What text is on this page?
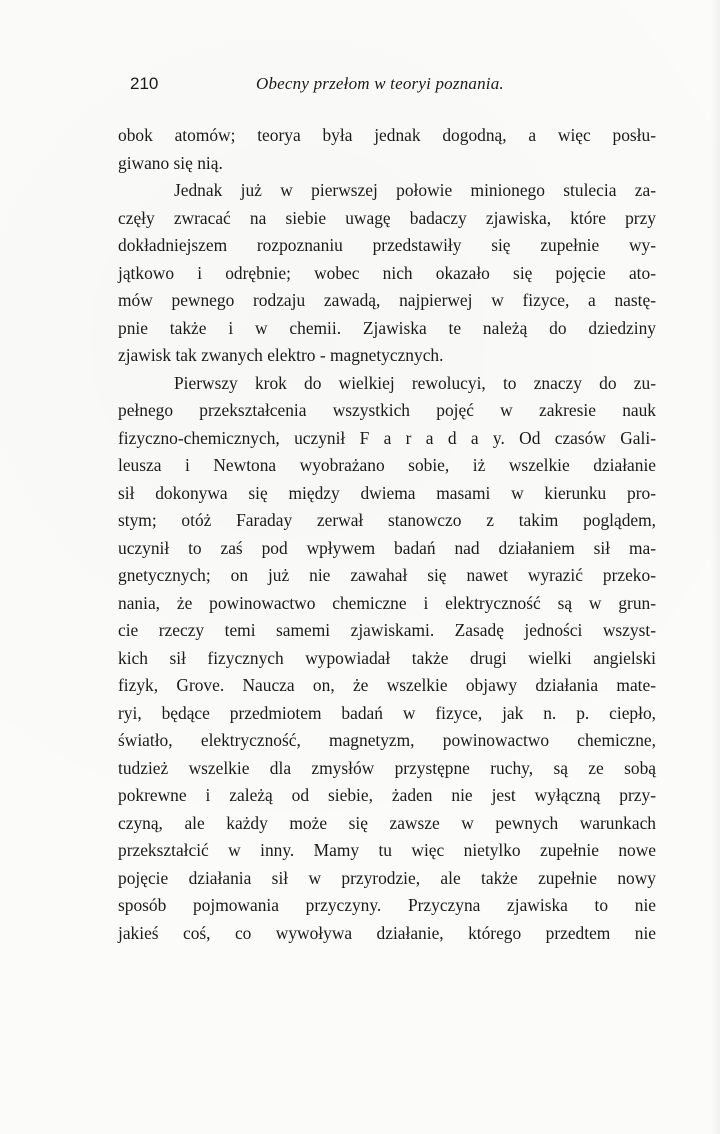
210	Obecny przełom w teoryi poznania.
obok atomów; teorya była jednak dogodną, a więc posłu-
giwano się nią.
Jednak już w pierwszej połowie minionego stulecia za-
częły zwracać na siebie uwagę badaczy zjawiska, które przy
dokładniejszem rozpoznaniu przedstawiły się zupełnie wy-
jątkowo i odrębnie; wobec nich okazało się pojęcie ato-
mów pewnego rodzaju zawadą, najpierwej w fizyce, a nastę-
pnie także i w chemii. Zjawiska te należą do dziedziny
zjawisk tak zwanych elektro - magnetycznych.
Pierwszy krok do wielkiej rewolucyi, to znaczy do zu-
pełnego przekształcenia wszystkich pojęć w zakresie nauk
fizyczno-chemicznych, uczynił F a r a d a y. Od czasów Gali-
leusza i Newtona wyobrażano sobie, iż wszelkie działanie
sił dokonywa się między dwiema masami w kierunku pro-
stym; otóż Faraday zerwał stanowczo z takim poglądem,
uczynił to zaś pod wpływem badań nad działaniem sił ma-
gnetycznych; on już nie zawahał się nawet wyrazić przeko-
nania, że powinowactwo chemiczne i elektryczność są w grun-
cie rzeczy temi samemi zjawiskami. Zasadę jedności wszyst-
kich sił fizycznych wypowiadał także drugi wielki angielski
fizyk, Grove. Naucza on, że wszelkie objawy działania mate-
ryi, będące przedmiotem badań w fizyce, jak n. p. ciepło,
światło, elektryczność, magnetyzm, powinowactwo chemiczne,
tudzież wszelkie dla zmysłów przystępne ruchy, są ze sobą
pokrewne i zależą od siebie, żaden nie jest wyłączną przy-
czyną, ale każdy może się zawsze w pewnych warunkach
przekształcić w inny. Mamy tu więc nietylko zupełnie nowe
pojęcie działania sił w przyrodzie, ale także zupełnie nowy
sposób pojmowania przyczyny. Przyczyna zjawiska to nie
jakieś coś, co wywoływa działanie, którego przedtem nie
